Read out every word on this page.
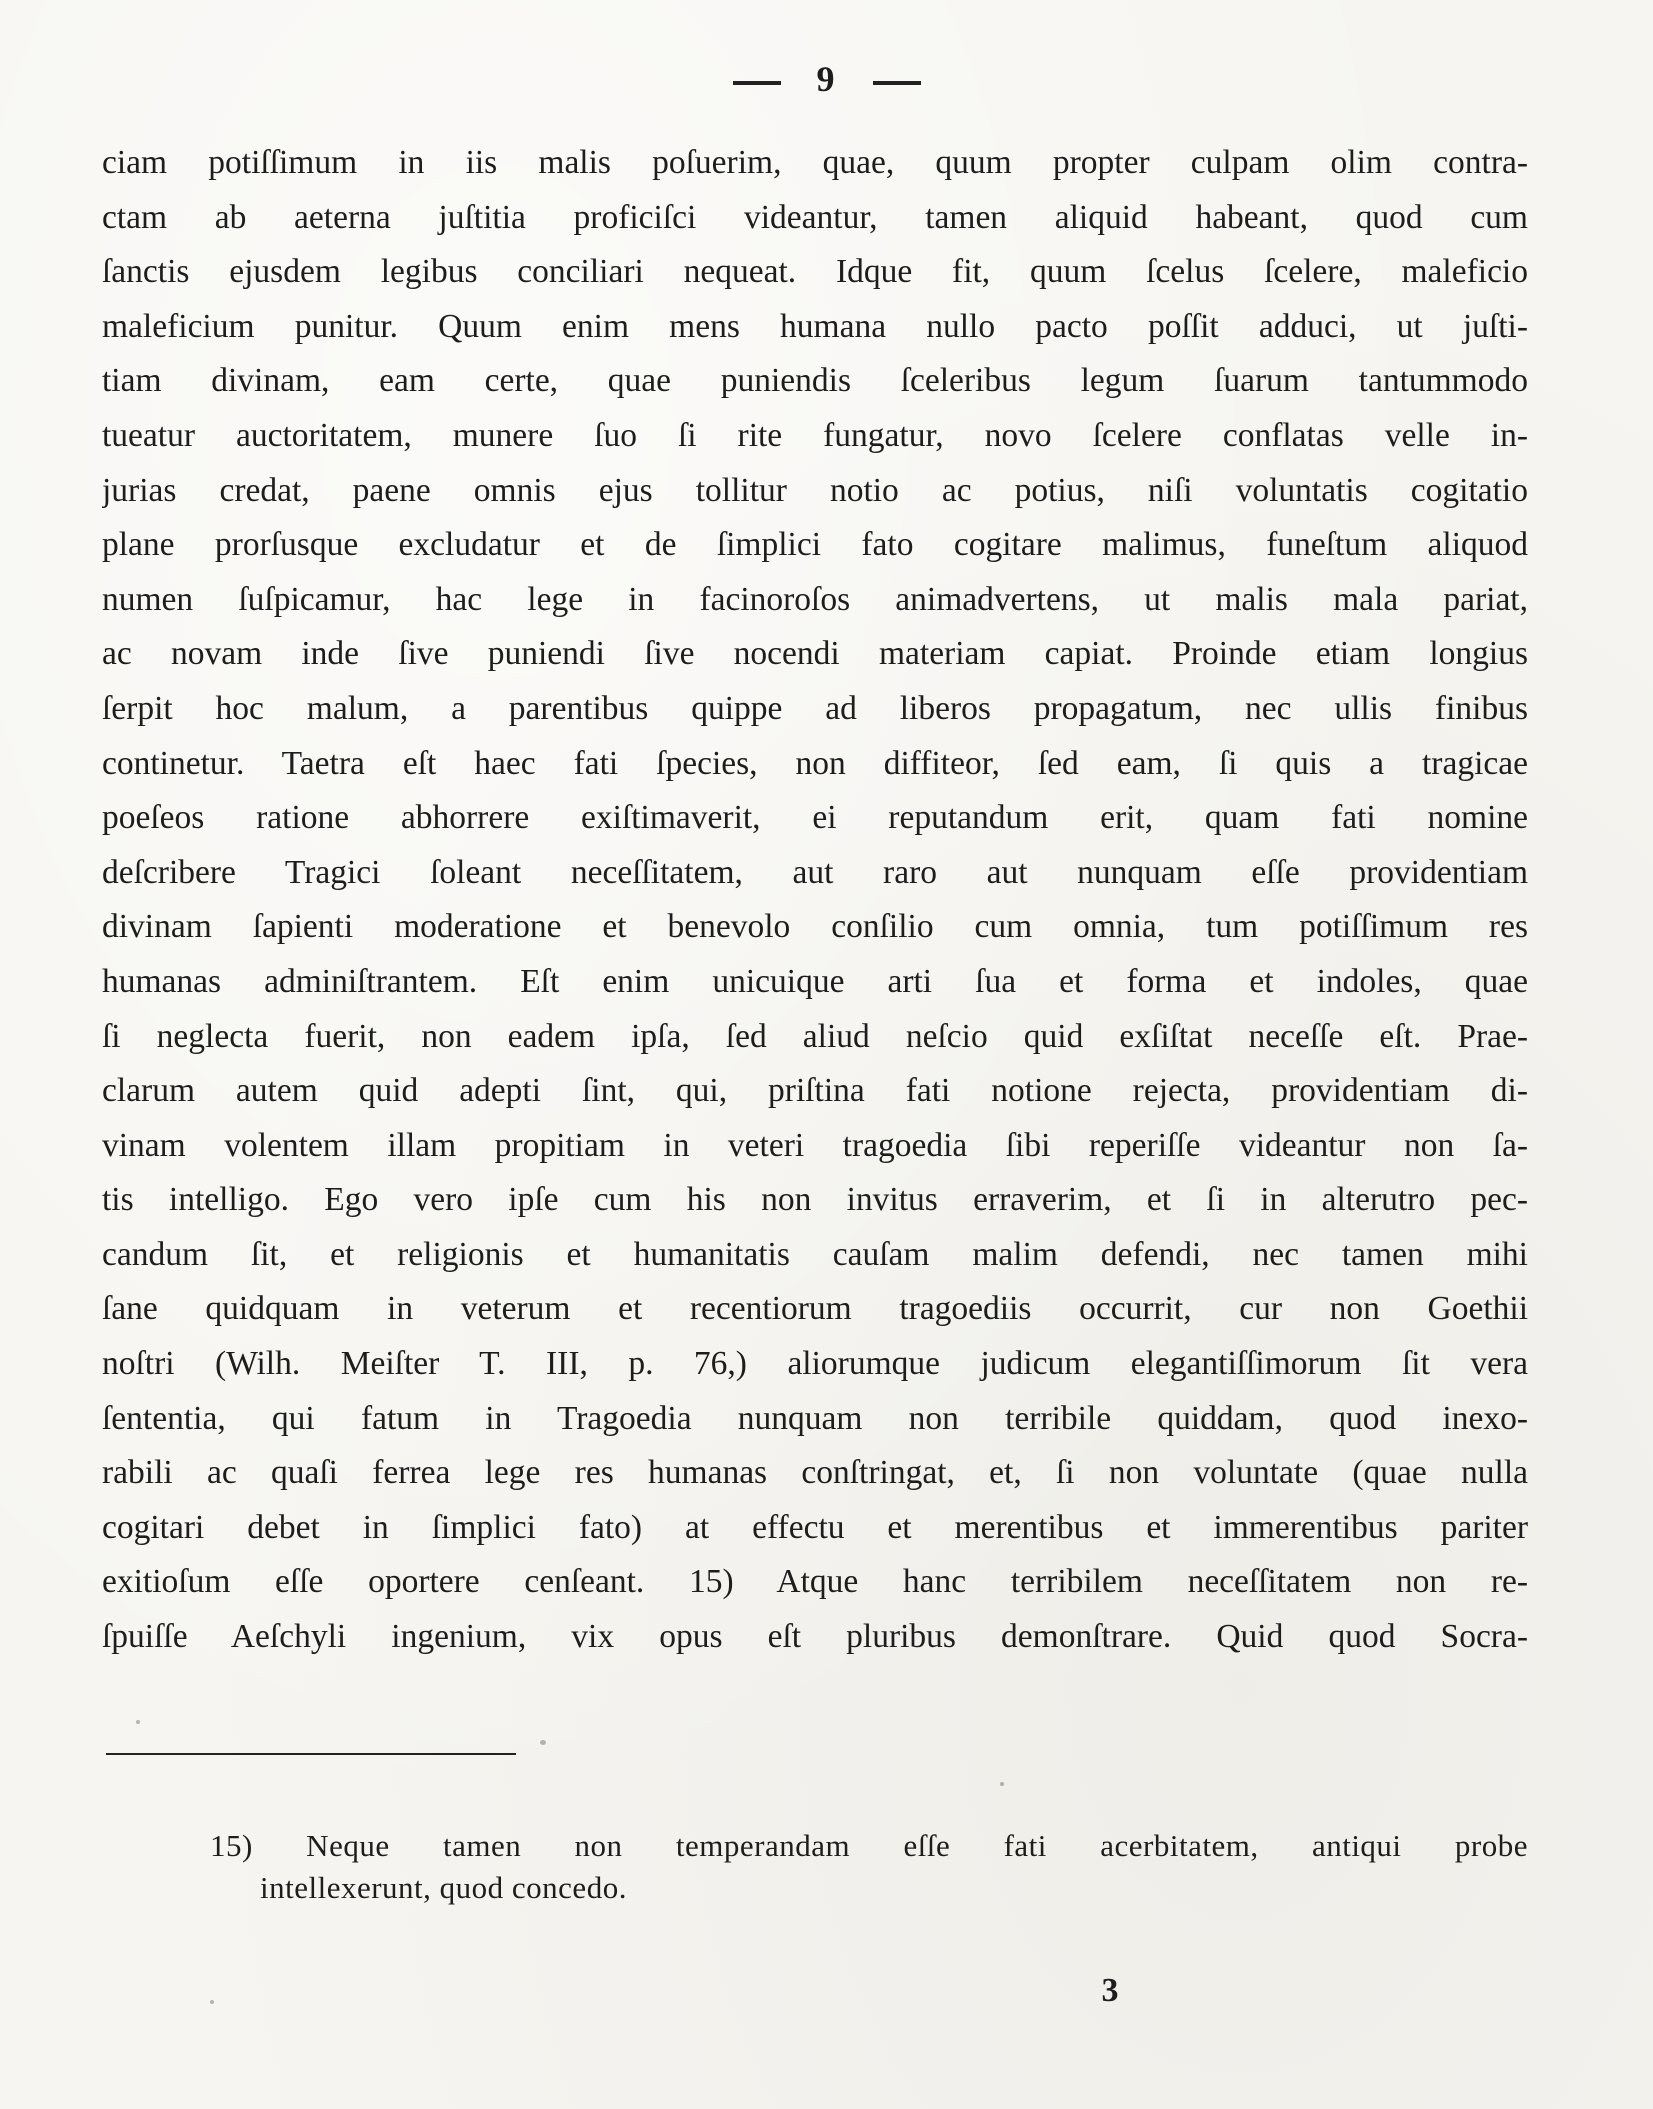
9
ciam potiſſimum in iis malis poſuerim, quae, quum propter culpam olim contra-
ctam ab aeterna juſtitia proficiſci videantur, tamen aliquid habeant, quod cum
ſanctis ejusdem legibus conciliari nequeat. Idque fit, quum ſcelus ſcelere, maleficio
maleficium punitur. Quum enim mens humana nullo pacto poſſit adduci, ut juſti-
tiam divinam, eam certe, quae puniendis ſceleribus legum ſuarum tantummodo
tueatur auctoritatem, munere ſuo ſi rite fungatur, novo ſcelere conflatas velle in-
jurias credat, paene omnis ejus tollitur notio ac potius, niſi voluntatis cogitatio
plane prorſusque excludatur et de ſimplici fato cogitare malimus, funeſtum aliquod
numen ſuſpicamur, hac lege in facinoroſos animadvertens, ut malis mala pariat,
ac novam inde ſive puniendi ſive nocendi materiam capiat. Proinde etiam longius
ſerpit hoc malum, a parentibus quippe ad liberos propagatum, nec ullis finibus
continetur. Taetra eſt haec fati ſpecies, non diffiteor, ſed eam, ſi quis a tragicae
poeſeos ratione abhorrere exiſtimaverit, ei reputandum erit, quam fati nomine
deſcribere Tragici ſoleant neceſſitatem, aut raro aut nunquam eſſe providentiam
divinam ſapienti moderatione et benevolo conſilio cum omnia, tum potiſſimum res
humanas adminiſtrantem. Eſt enim unicuique arti ſua et forma et indoles, quae
ſi neglecta fuerit, non eadem ipſa, ſed aliud neſcio quid exſiſtat neceſſe eſt. Prae-
clarum autem quid adepti ſint, qui, priſtina fati notione rejecta, providentiam di-
vinam volentem illam propitiam in veteri tragoedia ſibi reperiſſe videantur non ſa-
tis intelligo. Ego vero ipſe cum his non invitus erraverim, et ſi in alterutro pec-
candum ſit, et religionis et humanitatis cauſam malim defendi, nec tamen mihi
ſane quidquam in veterum et recentiorum tragoediis occurrit, cur non Goethii
noſtri (Wilh. Meiſter T. III, p. 76,) aliorumque judicum elegantiſſimorum ſit vera
ſententia, qui fatum in Tragoedia nunquam non terribile quiddam, quod inexo-
rabili ac quaſi ferrea lege res humanas conſtringat, et, ſi non voluntate (quae nulla
cogitari debet in ſimplici fato) at effectu et merentibus et immerentibus pariter
exitioſum eſſe oportere cenſeant. 15) Atque hanc terribilem neceſſitatem non re-
ſpuiſſe Aeſchyli ingenium, vix opus eſt pluribus demonſtrare. Quid quod Socra-
15) Neque tamen non temperandam eſſe fati acerbitatem, antiqui probe
intellexerunt, quod concedo.
3
